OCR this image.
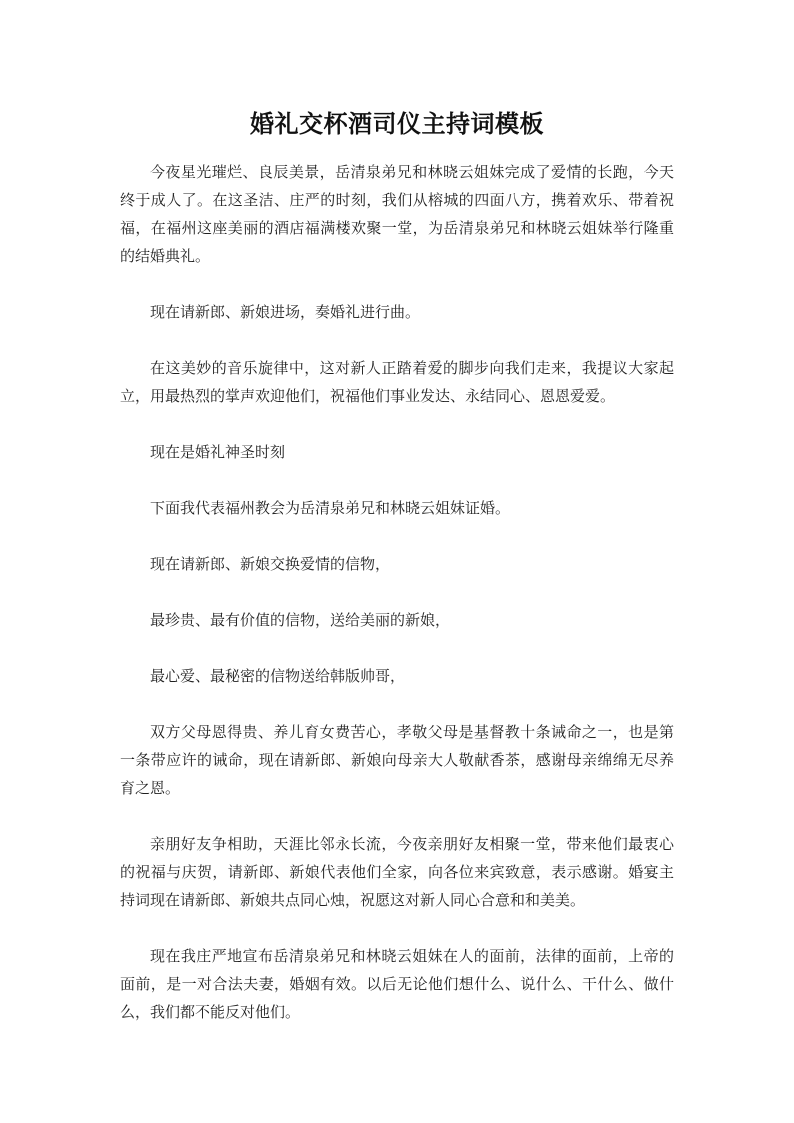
婚礼交杯酒司仪主持词模板

今夜星光璀烂、良辰美景，岳清泉弟兄和林晓云姐妹完成了爱情的长跑，今天终于成人了。在这圣洁、庄严的时刻，我们从榕城的四面八方，携着欢乐、带着祝福，在福州这座美丽的酒店福满楼欢聚一堂，为岳清泉弟兄和林晓云姐妹举行隆重的结婚典礼。

现在请新郎、新娘进场，奏婚礼进行曲。

在这美妙的音乐旋律中，这对新人正踏着爱的脚步向我们走来，我提议大家起立，用最热烈的掌声欢迎他们，祝福他们事业发达、永结同心、恩恩爱爱。

现在是婚礼神圣时刻

下面我代表福州教会为岳清泉弟兄和林晓云姐妹证婚。

现在请新郎、新娘交换爱情的信物，

最珍贵、最有价值的信物，送给美丽的新娘，

最心爱、最秘密的信物送给韩版帅哥，

双方父母恩得贵、养儿育女费苦心，孝敬父母是基督教十条诫命之一，也是第一条带应许的诫命，现在请新郎、新娘向母亲大人敬献香茶，感谢母亲绵绵无尽养育之恩。

亲朋好友争相助，天涯比邻永长流，今夜亲朋好友相聚一堂，带来他们最衷心的祝福与庆贺，请新郎、新娘代表他们全家，向各位来宾致意，表示感谢。婚宴主持词现在请新郎、新娘共点同心烛，祝愿这对新人同心合意和和美美。

现在我庄严地宣布岳清泉弟兄和林晓云姐妹在人的面前，法律的面前，上帝的面前，是一对合法夫妻，婚姻有效。以后无论他们想什么、说什么、干什么、做什么，我们都不能反对他们。
